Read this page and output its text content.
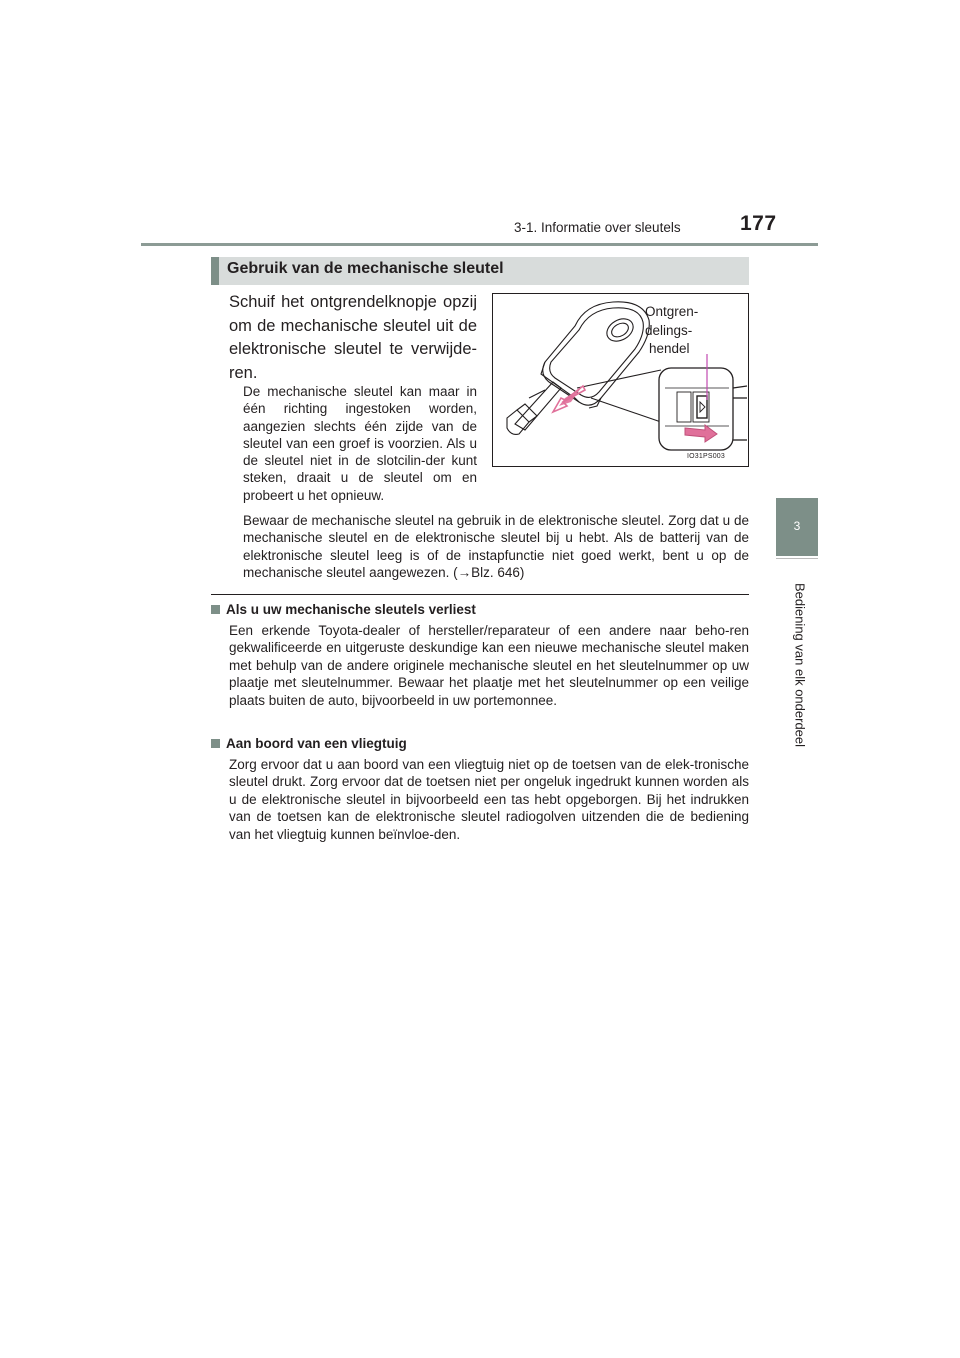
3-1. Informatie over sleutels	177
3
Bediening van elk onderdeel
Gebruik van de mechanische sleutel
Schuif het ontgrendelknopje opzij om de mechanische sleutel uit de elektronische sleutel te verwijde-ren.
De mechanische sleutel kan maar in één richting ingestoken worden, aangezien slechts één zijde van de sleutel van een groef is voorzien. Als u de sleutel niet in de slotcilin-der kunt steken, draait u de sleutel om en probeert u het opnieuw.
Bewaar de mechanische sleutel na gebruik in de elektronische sleutel. Zorg dat u de mechanische sleutel en de elektronische sleutel bij u hebt. Als de batterij van de elektronische sleutel leeg is of de instapfunctie niet goed werkt, bent u op de mechanische sleutel aangewezen. (→Blz. 646)
Ontgren-
delings-
hendel
IO31PS003
Als u uw mechanische sleutels verliest
Een erkende Toyota-dealer of hersteller/reparateur of een andere naar beho-ren gekwalificeerde en uitgeruste deskundige kan een nieuwe mechanische sleutel maken met behulp van de andere originele mechanische sleutel en het sleutelnummer op uw plaatje met sleutelnummer. Bewaar het plaatje met het sleutelnummer op een veilige plaats buiten de auto, bijvoorbeeld in uw portemonnee.
Aan boord van een vliegtuig
Zorg ervoor dat u aan boord van een vliegtuig niet op de toetsen van de elek-tronische sleutel drukt. Zorg ervoor dat de toetsen niet per ongeluk ingedrukt kunnen worden als u de elektronische sleutel in bijvoorbeeld een tas hebt opgeborgen. Bij het indrukken van de toetsen kan de elektronische sleutel radiogolven uitzenden die de bediening van het vliegtuig kunnen beïnvloe-den.
